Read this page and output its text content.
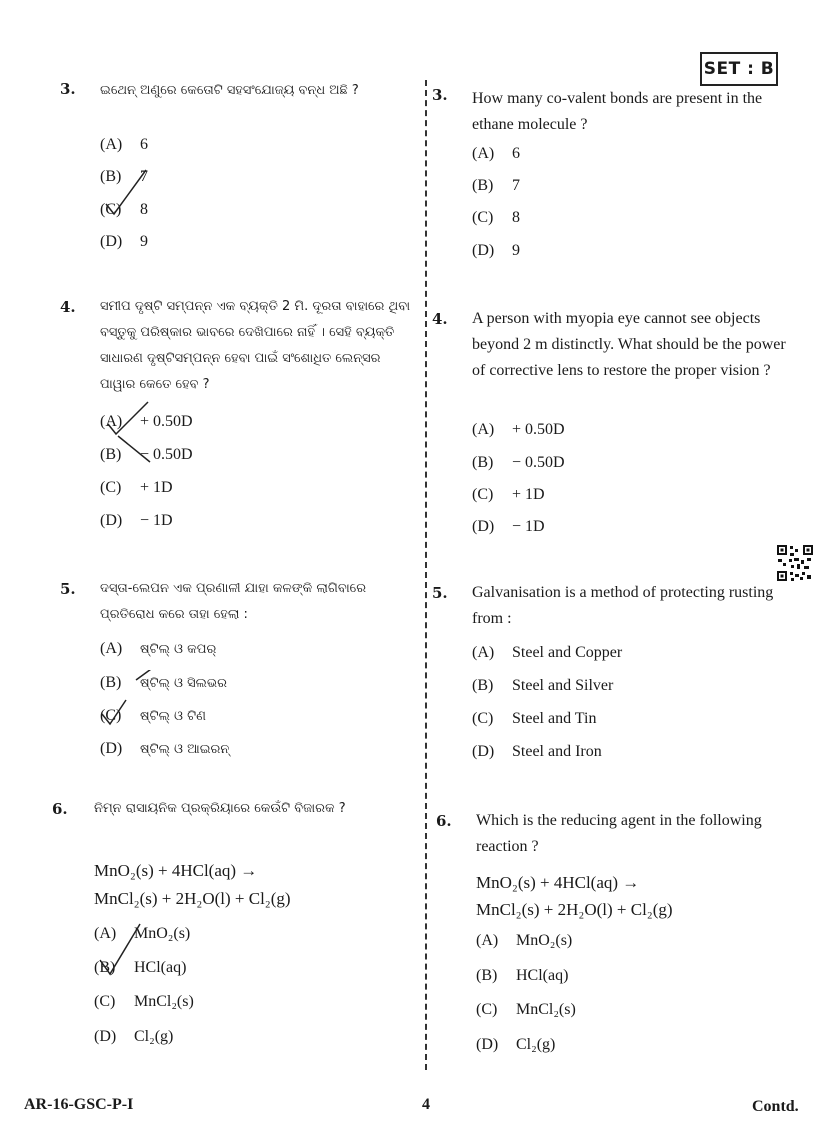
SET : B
3. ଇଥେନ୍ ଅଣୁରେ କେତୋଟି ସହସଂଯୋଜ୍ୟ ବନ୍ଧ ଅଛି ?
(A) 6
(B) 7
(C) 8
(D) 9
3. How many co-valent bonds are present in the ethane molecule ?
(A) 6
(B) 7
(C) 8
(D) 9
4. ସମୀପ ଦୃଷ୍ଟି ସମ୍ପନ୍ନ ଏକ ବ୍ୟକ୍ତି 2 ମି. ଦୂରତା ବାହାରେ ଥିବା ବସ୍ତୁକୁ ପରିଷ୍କାର ଭାବରେ ଦେଖିପାରେ ନାହିଁ । ସେହି ବ୍ୟକ୍ତି ସାଧାରଣ ଦୃଷ୍ଟିସମ୍ପନ୍ନ ହେବା ପାଇଁ ସଂଶୋଧିତ ଲେନ୍ସର ପାୱାର କେତେ ହେବ ?
(A) + 0.50D
(B) − 0.50D
(C) + 1D
(D) − 1D
4. A person with myopia eye cannot see objects beyond 2 m distinctly. What should be the power of corrective lens to restore the proper vision ?
(A) + 0.50D
(B) − 0.50D
(C) + 1D
(D) − 1D
5. ଦସ୍ତା-ଲେପନ ଏକ ପ୍ରଣାଳୀ ଯାହା କଳଙ୍କି ଲାଗିବାରେ ପ୍ରତିରୋଧ କରେ ତାହା ହେଲା :
(A) ଷ୍ଟିଲ୍ ଓ କପର୍
(B) ଷ୍ଟିଲ୍ ଓ ସିଲଭର
(C) ଷ୍ଟିଲ୍ ଓ ଟିଣ
(D) ଷ୍ଟିଲ୍ ଓ ଆଇରନ୍
5. Galvanisation is a method of protecting rusting from :
(A) Steel and Copper
(B) Steel and Silver
(C) Steel and Tin
(D) Steel and Iron
6. ନିମ୍ନ ରାସାୟନିକ ପ୍ରକ୍ରିୟାରେ କେଉଁଟି ବିଜାରକ ?
MnO₂(s) + 4HCl(aq) →
MnCl₂(s) + 2H₂O(l) + Cl₂(g)
(A) MnO₂(s)
(B) HCl(aq)
(C) MnCl₂(s)
(D) Cl₂(g)
6. Which is the reducing agent in the following reaction ?
MnO₂(s) + 4HCl(aq) →
MnCl₂(s) + 2H₂O(l) + Cl₂(g)
(A) MnO₂(s)
(B) HCl(aq)
(C) MnCl₂(s)
(D) Cl₂(g)
AR-16-GSC-P-I	4	Contd.
